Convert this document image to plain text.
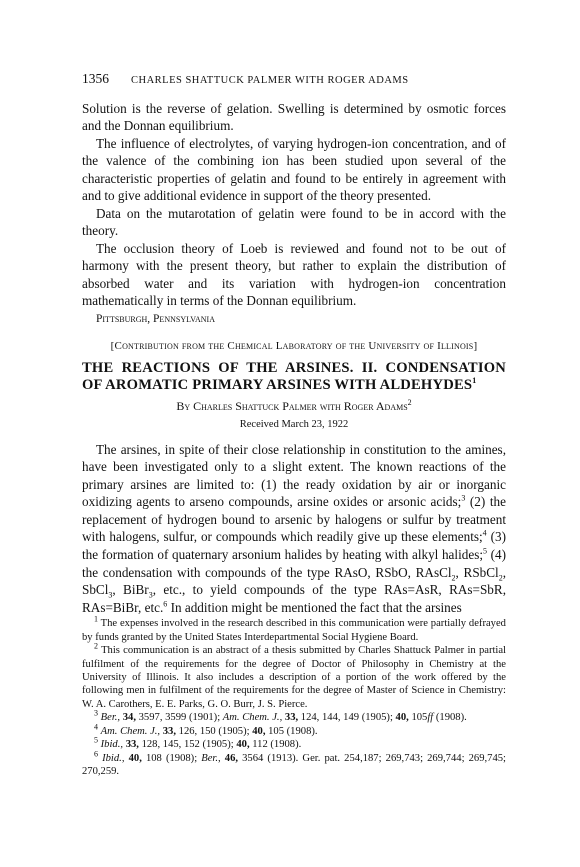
1356 CHARLES SHATTUCK PALMER WITH ROGER ADAMS

Solution is the reverse of gelation. Swelling is determined by osmotic forces and the Donnan equilibrium.

The influence of electrolytes, of varying hydrogen-ion concentration, and of the valence of the combining ion has been studied upon several of the characteristic properties of gelatin and found to be entirely in agreement with and to give additional evidence in support of the theory presented.

Data on the mutarotation of gelatin were found to be in accord with the theory.

The occlusion theory of Loeb is reviewed and found not to be out of harmony with the present theory, but rather to explain the distribution of absorbed water and its variation with hydrogen-ion concentration mathematically in terms of the Donnan equilibrium.

Pittsburgh, Pennsylvania
[Contribution from the Chemical Laboratory of the University of Illinois]
THE REACTIONS OF THE ARSINES. II. CONDENSATION
OF AROMATIC PRIMARY ARSINES WITH ALDEHYDES$^1$
By Charles Shattuck Palmer with Roger Adams$^2$
Received March 23, 1922

The arsines, in spite of their close relationship in constitution to the amines, have been investigated only to a slight extent. The known reactions of the primary arsines are limited to: (1) the ready oxidation by air or inorganic oxidizing agents to arseno compounds, arsine oxides or arsonic acids;$^3$ (2) the replacement of hydrogen bound to arsenic by halogens or sulfur by treatment with halogens, sulfur, or compounds which readily give up these elements;$^4$ (3) the formation of quaternary arsonium halides by heating with alkyl halides;$^5$ (4) the condensation with compounds of the type RAsO, RSbO, RAsCl$_2$, RSbCl$_2$, SbCl$_3$, BiBr$_3$, etc., to yield compounds of the type RAs=AsR, RAs=SbR, RAs=BiBr, etc.$^6$ In addition might be mentioned the fact that the arsines

$^1$ The expenses involved in the research described in this communication were partially defrayed by funds granted by the United States Interdepartmental Social Hygiene Board.

$^2$ This communication is an abstract of a thesis submitted by Charles Shattuck Palmer in partial fulfilment of the requirements for the degree of Doctor of Philosophy in Chemistry at the University of Illinois. It also includes a description of a portion of the work offered by the following men in fulfilment of the requirements for the degree of Master of Science in Chemistry: W. A. Carothers, E. E. Parks, G. O. Burr, J. S. Pierce.

$^3$ Ber., 34, 3597, 3599 (1901); Am. Chem. J., 33, 124, 144, 149 (1905); 40, 105ff (1908).

$^4$ Am. Chem. J., 33, 126, 150 (1905); 40, 105 (1908).

$^5$ Ibid., 33, 128, 145, 152 (1905); 40, 112 (1908).

$^6$ Ibid., 40, 108 (1908); Ber., 46, 3564 (1913). Ger. pat. 254,187; 269,743; 269,744; 269,745; 270,259.
